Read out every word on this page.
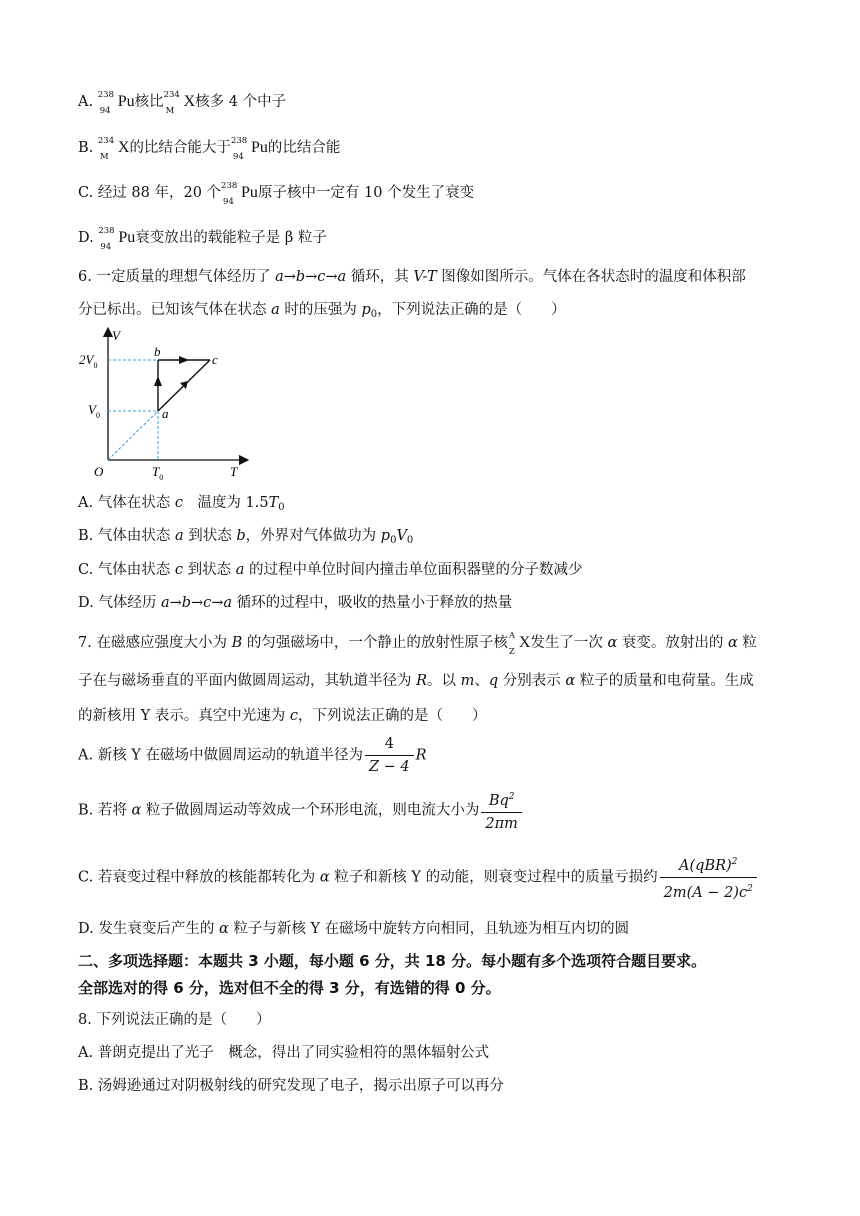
A. 238
94
Pu核比 234
M
X核多 4 个中子
B. 234
M
X的比结合能大于 238
94
Pu的比结合能
C. 经过 88 年，20 个 238
94
Pu原子核中一定有 10 个发生了衰变
D. 238
94
Pu衰变放出的载能粒子是 β 粒子
6. 一定质量的理想气体经历了 a→b→c→a 循环，其 V-T 图像如图所示。气体在各状态时的温度和体积部
分已标出。已知该气体在状态 a 时的压强为 $p_0$，下列说法正确的是（　　）
V
T
O
$2V_0$
$V_0$
$T_0$
a
b
c
A. 气体在状态 c　温度为 $1.5T_0$
B. 气体由状态 a 到状态 b，外界对气体做功为 $p_0V_0$
C. 气体由状态 c 到状态 a 的过程中单位时间内撞击单位面积器壁的分子数减少
D. 气体经历 a→b→c→a 循环的过程中，吸收的热量小于释放的热量
7. 在磁感应强度大小为 B 的匀强磁场中，一个静止的放射性原子核 A
Z
X发生了一次 α 衰变。放射出的 α 粒
子在与磁场垂直的平面内做圆周运动，其轨道半径为 R。以 m、q 分别表示 α 粒子的质量和电荷量。生成
的新核用 Y 表示。真空中光速为 c，下列说法正确的是（　　）
A. 新核 Y 在磁场中做圆周运动的轨道半径为 $\frac{4}{Z - 4}$ R
B. 若将 α 粒子做圆周运动等效成一个环形电流，则电流大小为 $\frac{Bq^2}{2\pi m}$
C. 若衰变过程中释放的核能都转化为 α 粒子和新核 Y 的动能，则衰变过程中的质量亏损约 $\frac{A(qBR)^2}{2m(A - 2)c^2}$
D. 发生衰变后产生的 α 粒子与新核 Y 在磁场中旋转方向相同，且轨迹为相互内切的圆
二、多项选择题：本题共 3 小题，每小题 6 分，共 18 分。每小题有多个选项符合题目要求。
全部选对的得 6 分，选对但不全的得 3 分，有选错的得 0 分。
8. 下列说法正确的是（　　）
A. 普朗克提出了光子　概念，得出了同实验相符的黑体辐射公式
B. 汤姆逊通过对阴极射线的研究发现了电子，揭示出原子可以再分
